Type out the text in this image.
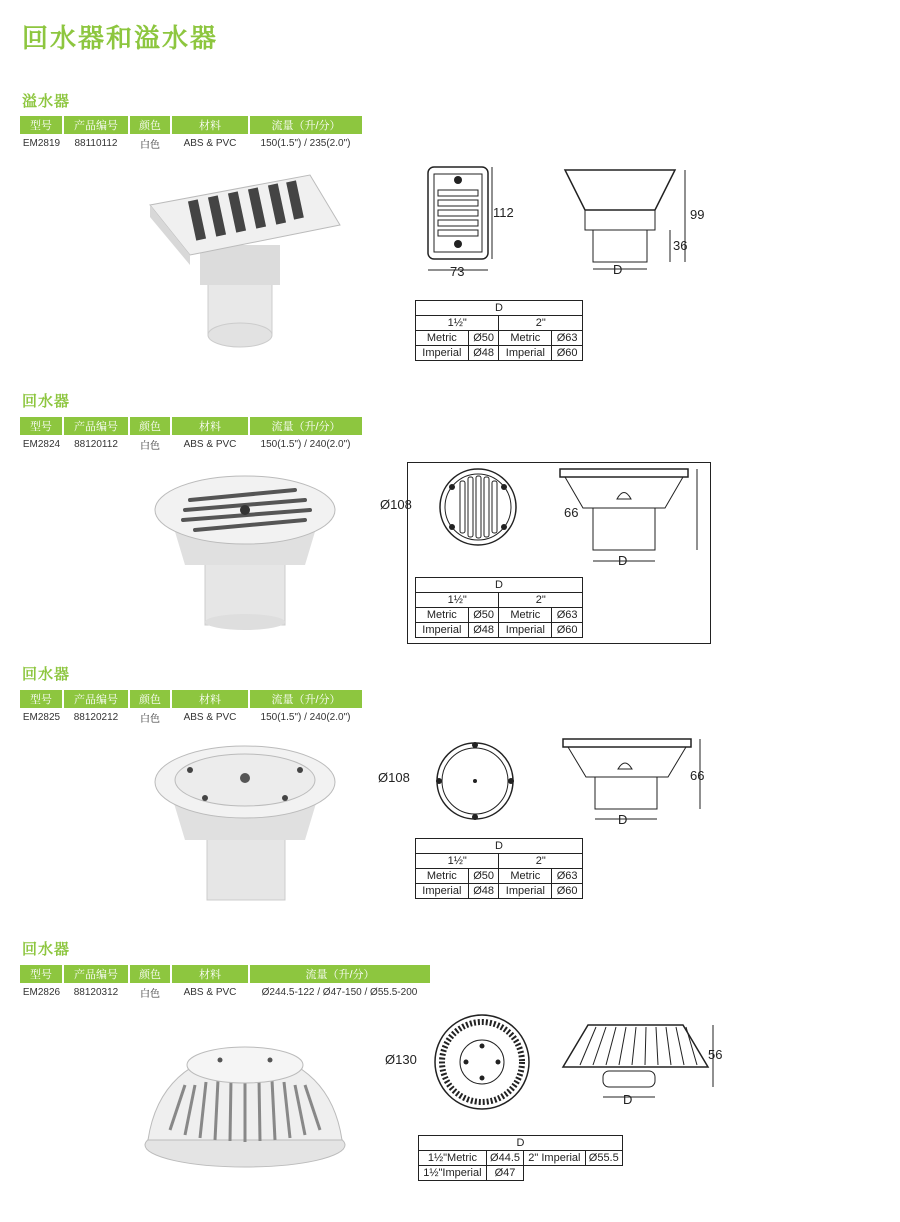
回水器和溢水器
溢水器
型号	产品编号	颜色	材料	流量（升/分）
EM2819	88110112	白色	ABS & PVC	150(1.5") / 235(2.0")
112
73
99
36
D
D			
1½"		2"	
Metric	Ø50	Metric	Ø63
Imperial	Ø48	Imperial	Ø60
回水器
型号	产品编号	颜色	材料	流量（升/分）
EM2824	88120112	白色	ABS & PVC	150(1.5") / 240(2.0")
Ø108
66
D
D			
1½"		2"	
Metric	Ø50	Metric	Ø63
Imperial	Ø48	Imperial	Ø60
回水器
型号	产品编号	颜色	材料	流量（升/分）
EM2825	88120212	白色	ABS & PVC	150(1.5") / 240(2.0")
Ø108	66
D
D			
1½"		2"	
Metric	Ø50	Metric	Ø63
Imperial	Ø48	Imperial	Ø60
回水器
型号	产品编号	颜色	材料	流量（升/分）
EM2826	88120312	白色	ABS & PVC	Ø244.5-122 / Ø47-150 / Ø55.5-200
Ø130	56
D
D			
1½"Metric	Ø44.5	2" Imperial	Ø55.5
1½"Imperial	Ø47		
